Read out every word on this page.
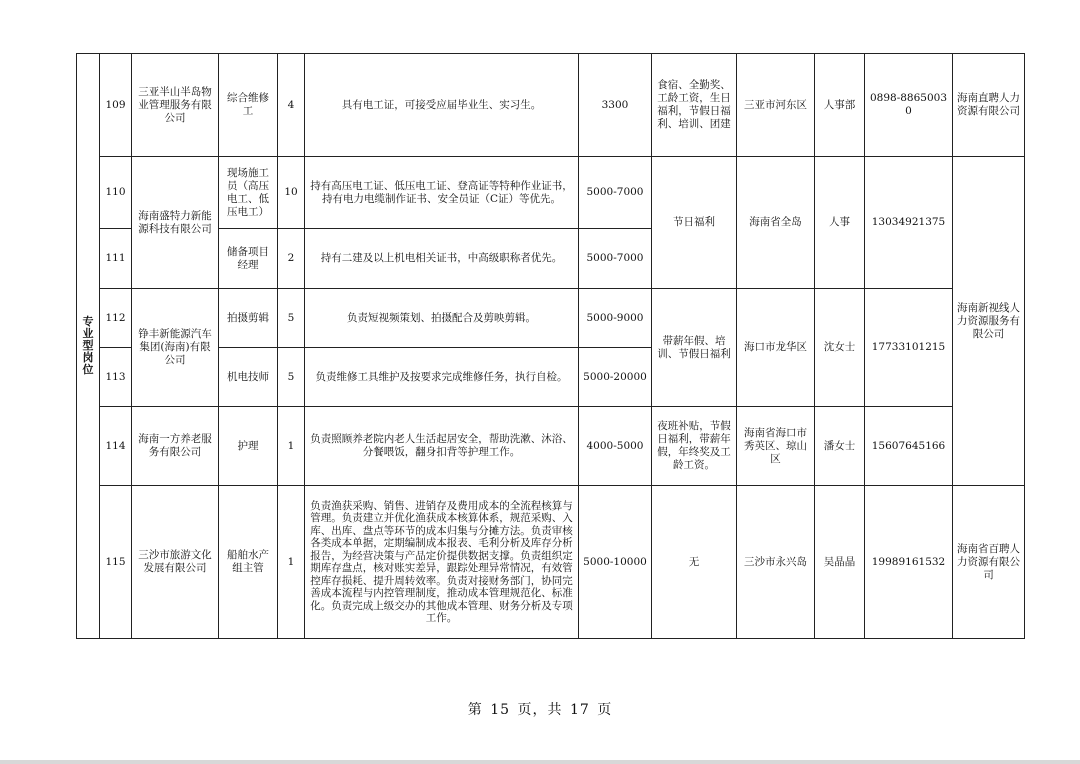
专业型岗位	109	三亚半山半岛物业管理服务有限公司	综合维修工	4	具有电工证，可接受应届毕业生、实习生。	3300	食宿、全勤奖、工龄工资，生日福利，节假日福利、培训、团建	三亚市河东区	人事部	0898-88650030	海南直聘人力资源有限公司
	110	海南盛特力新能源科技有限公司	现场施工员（高压电工、低压电工）	10	持有高压电工证、低压电工证、登高证等特种作业证书，持有电力电缆制作证书、安全员证（C证）等优先。	5000-7000	节日福利	海南省全岛	人事	13034921375	海南新视线人力资源服务有限公司
	111		储备项目经理	2	持有二建及以上机电相关证书，中高级职称者优先。	5000-7000					
	112	铮丰新能源汽车集团(海南)有限公司	拍摄剪辑	5	负责短视频策划、拍摄配合及剪映剪辑。	5000-9000	带薪年假、培训、节假日福利	海口市龙华区	沈女士	17733101215	
	113		机电技师	5	负责维修工具维护及按要求完成维修任务，执行自检。	5000-20000					
	114	海南一方养老服务有限公司	护理	1	负责照顾养老院内老人生活起居安全，帮助洗漱、沐浴、分餐喂饭，翻身扣背等护理工作。	4000-5000	夜班补贴，节假日福利，带薪年假，年终奖及工龄工资。	海南省海口市秀英区、琼山区	潘女士	15607645166	
	115	三沙市旅游文化发展有限公司	船舶水产组主管	1	负责渔获采购、销售、进销存及费用成本的全流程核算与管理。负责建立并优化渔获成本核算体系，规范采购、入库、出库、盘点等环节的成本归集与分摊方法。负责审核各类成本单据，定期编制成本报表、毛利分析及库存分析报告，为经营决策与产品定价提供数据支撑。负责组织定期库存盘点，核对账实差异，跟踪处理异常情况，有效管控库存损耗、提升周转效率。负责对接财务部门，协同完善成本流程与内控管理制度，推动成本管理规范化、标准化。负责完成上级交办的其他成本管理、财务分析及专项工作。	5000-10000	无	三沙市永兴岛	吴晶晶	19989161532	海南省百聘人力资源有限公司
第 15 页，共 17 页
